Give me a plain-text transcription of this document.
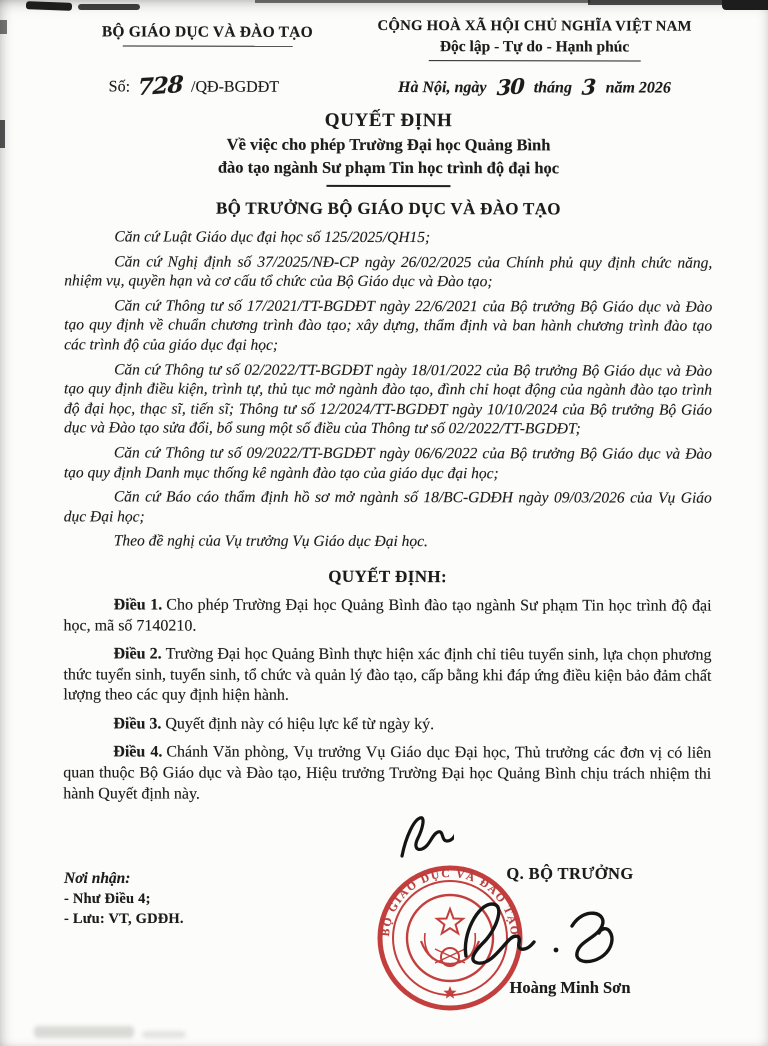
BỘ GIÁO DỤC VÀ ĐÀO TẠO	CỘNG HOÀ XÃ HỘI CHỦ NGHĨA VIỆT NAM
Độc lập - Tự do - Hạnh phúc
Số: 728 /QĐ-BGDĐT	Hà Nội, ngày 30 tháng 3 năm 2026
QUYẾT ĐỊNH
Về việc cho phép Trường Đại học Quảng Bình
đào tạo ngành Sư phạm Tin học trình độ đại học
BỘ TRƯỞNG BỘ GIÁO DỤC VÀ ĐÀO TẠO

Căn cứ Luật Giáo dục đại học số 125/2025/QH15;

Căn cứ Nghị định số 37/2025/NĐ-CP ngày 26/02/2025 của Chính phủ quy định chức năng, nhiệm vụ, quyền hạn và cơ cấu tổ chức của Bộ Giáo dục và Đào tạo;

Căn cứ Thông tư số 17/2021/TT-BGDĐT ngày 22/6/2021 của Bộ trưởng Bộ Giáo dục và Đào tạo quy định về chuẩn chương trình đào tạo; xây dựng, thẩm định và ban hành chương trình đào tạo các trình độ của giáo dục đại học;

Căn cứ Thông tư số 02/2022/TT-BGDĐT ngày 18/01/2022 của Bộ trưởng Bộ Giáo dục và Đào tạo quy định điều kiện, trình tự, thủ tục mở ngành đào tạo, đình chỉ hoạt động của ngành đào tạo trình độ đại học, thạc sĩ, tiến sĩ; Thông tư số 12/2024/TT-BGDĐT ngày 10/10/2024 của Bộ trưởng Bộ Giáo dục và Đào tạo sửa đổi, bổ sung một số điều của Thông tư số 02/2022/TT-BGDĐT;

Căn cứ Thông tư số 09/2022/TT-BGDĐT ngày 06/6/2022 của Bộ trưởng Bộ Giáo dục và Đào tạo quy định Danh mục thống kê ngành đào tạo của giáo dục đại học;

Căn cứ Báo cáo thẩm định hồ sơ mở ngành số 18/BC-GDĐH ngày 09/03/2026 của Vụ Giáo dục Đại học;

Theo đề nghị của Vụ trưởng Vụ Giáo dục Đại học.

QUYẾT ĐỊNH:

Điều 1. Cho phép Trường Đại học Quảng Bình đào tạo ngành Sư phạm Tin học trình độ đại học, mã số 7140210.

Điều 2. Trường Đại học Quảng Bình thực hiện xác định chỉ tiêu tuyển sinh, lựa chọn phương thức tuyển sinh, tuyển sinh, tổ chức và quản lý đào tạo, cấp bằng khi đáp ứng điều kiện bảo đảm chất lượng theo các quy định hiện hành.

Điều 3. Quyết định này có hiệu lực kể từ ngày ký.

Điều 4. Chánh Văn phòng, Vụ trưởng Vụ Giáo dục Đại học, Thủ trưởng các đơn vị có liên quan thuộc Bộ Giáo dục và Đào tạo, Hiệu trưởng Trường Đại học Quảng Bình chịu trách nhiệm thi hành Quyết định này.

Nơi nhận:
- Như Điều 4;
- Lưu: VT, GDĐH.
BỘ GIÁO DỤC VÀ ĐÀO TẠO
Q. BỘ TRƯỞNG
Hoàng Minh Sơn
